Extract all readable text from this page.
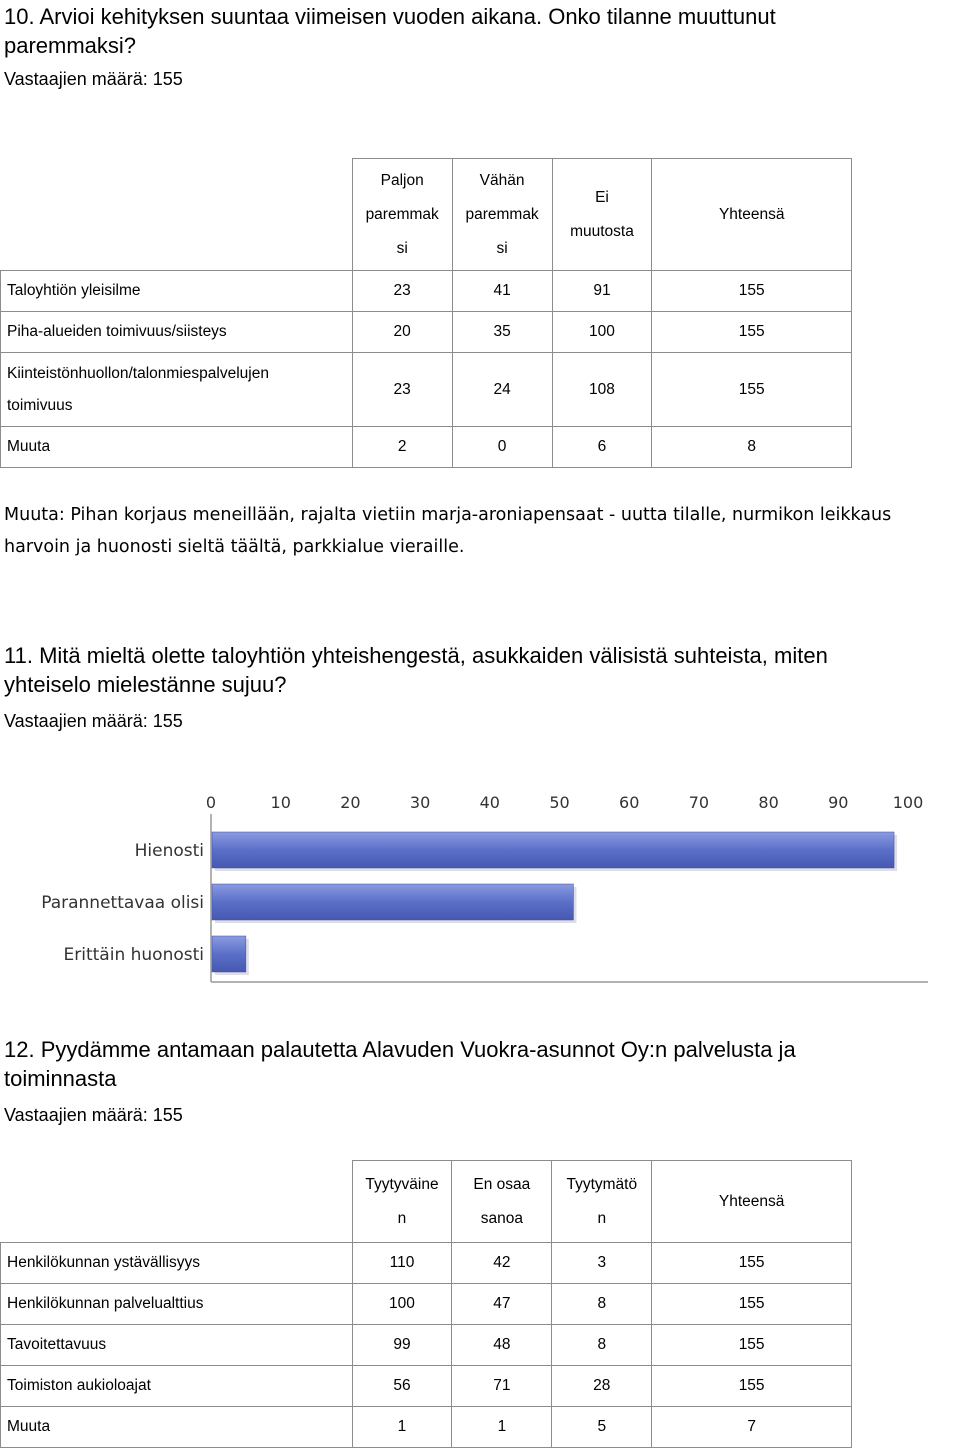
10. Arvioi kehityksen suuntaa viimeisen vuoden aikana. Onko tilanne muuttunut
paremmaksi?
Vastaajien määrä: 155

	Paljon
paremmak
si	Vähän
paremmak
si	Ei
muutosta	Yhteensä
Taloyhtiön yleisilme	23	41	91	155
Piha-alueiden toimivuus/siisteys	20	35	100	155

Kiinteistönhuollon/talonmiespalvelujen
toimivuus	23	24	108	155
Muuta	2	0	6	8
Muuta: Pihan korjaus meneillään, rajalta vietiin marja-aroniapensaat - uutta tilalle, nurmikon leikkaus
harvoin ja huonosti sieltä täältä, parkkialue vieraille.
11. Mitä mieltä olette taloyhtiön yhteishengestä, asukkaiden välisistä suhteista, miten
yhteiselo mielestänne sujuu?
Vastaajien määrä: 155
0	10	20	30	40	50	60	70	80	90	100
Hienosti
Parannettavaa olisi
Erittäin huonosti
12. Pyydämme antamaan palautetta Alavuden Vuokra-asunnot Oy:n palvelusta ja
toiminnasta
Vastaajien määrä: 155

	Tyytyväine
n	En osaa
sanoa	Tyytymätö
n	Yhteensä
Henkilökunnan ystävällisyys	110	42	3	155
Henkilökunnan palvelualttius	100	47	8	155
Tavoitettavuus	99	48	8	155
Toimiston aukioloajat	56	71	28	155
Muuta	1	1	5	7
